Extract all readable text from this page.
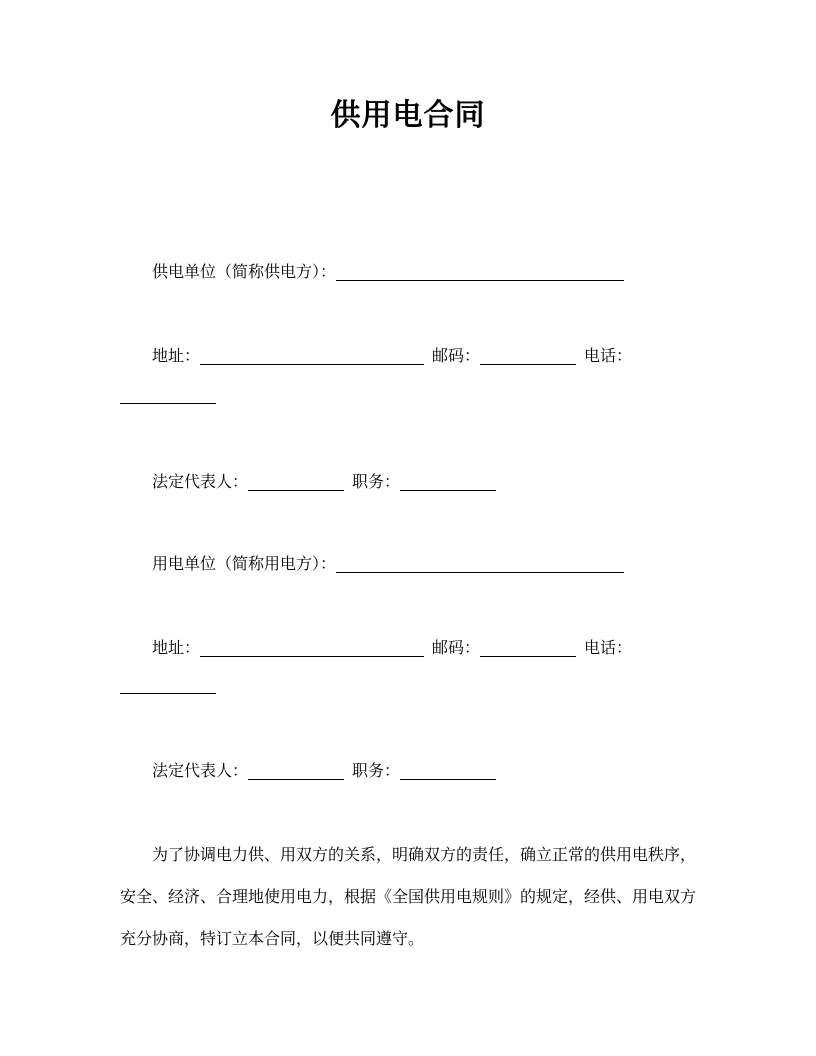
供用电合同
供电单位（简称供电方）：
地址：	邮码：	电话：
法定代表人：	职务：
用电单位（简称用电方）：
地址：	邮码：	电话：
法定代表人：	职务：
为了协调电力供、用双方的关系，明确双方的责任，确立正常的供用电秩序，
安全、经济、合理地使用电力，根据《全国供用电规则》的规定，经供、用电双方
充分协商，特订立本合同，以便共同遵守。
